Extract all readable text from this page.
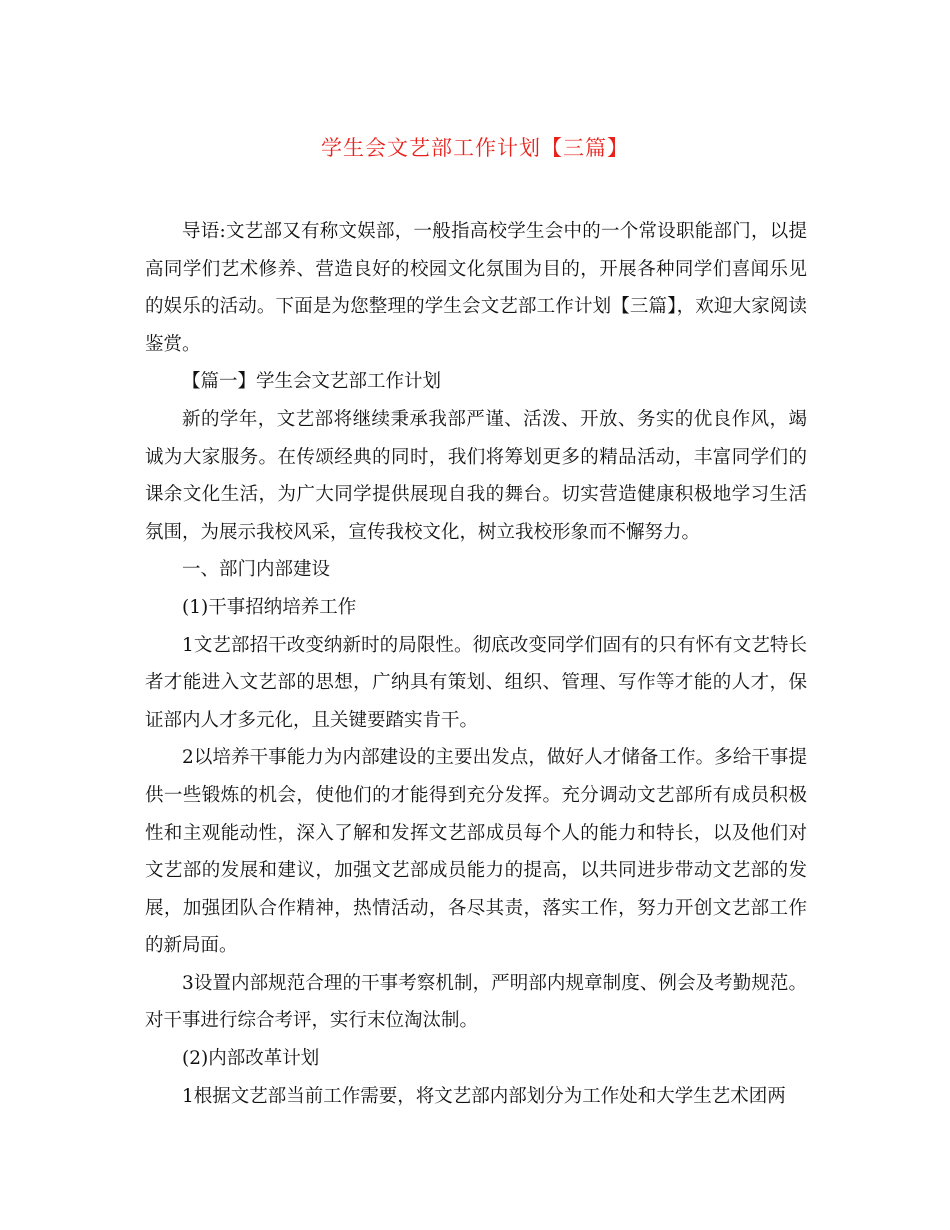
学生会文艺部工作计划【三篇】

导语:文艺部又有称文娱部，一般指高校学生会中的一个常设职能部门，以提高同学们艺术修养、营造良好的校园文化氛围为目的，开展各种同学们喜闻乐见的娱乐的活动。下面是为您整理的学生会文艺部工作计划【三篇】，欢迎大家阅读鉴赏。

【篇一】学生会文艺部工作计划

新的学年，文艺部将继续秉承我部严谨、活泼、开放、务实的优良作风，竭诚为大家服务。在传颂经典的同时，我们将筹划更多的精品活动，丰富同学们的课余文化生活，为广大同学提供展现自我的舞台。切实营造健康积极地学习生活氛围，为展示我校风采，宣传我校文化，树立我校形象而不懈努力。

一、部门内部建设

(1)干事招纳培养工作

1文艺部招干改变纳新时的局限性。彻底改变同学们固有的只有怀有文艺特长者才能进入文艺部的思想，广纳具有策划、组织、管理、写作等才能的人才，保证部内人才多元化，且关键要踏实肯干。

2以培养干事能力为内部建设的主要出发点，做好人才储备工作。多给干事提供一些锻炼的机会，使他们的才能得到充分发挥。充分调动文艺部所有成员积极性和主观能动性，深入了解和发挥文艺部成员每个人的能力和特长，以及他们对文艺部的发展和建议，加强文艺部成员能力的提高，以共同进步带动文艺部的发展，加强团队合作精神，热情活动，各尽其责，落实工作，努力开创文艺部工作的新局面。

3设置内部规范合理的干事考察机制，严明部内规章制度、例会及考勤规范。对干事进行综合考评，实行末位淘汰制。

(2)内部改革计划

1根据文艺部当前工作需要，将文艺部内部划分为工作处和大学生艺术团两
